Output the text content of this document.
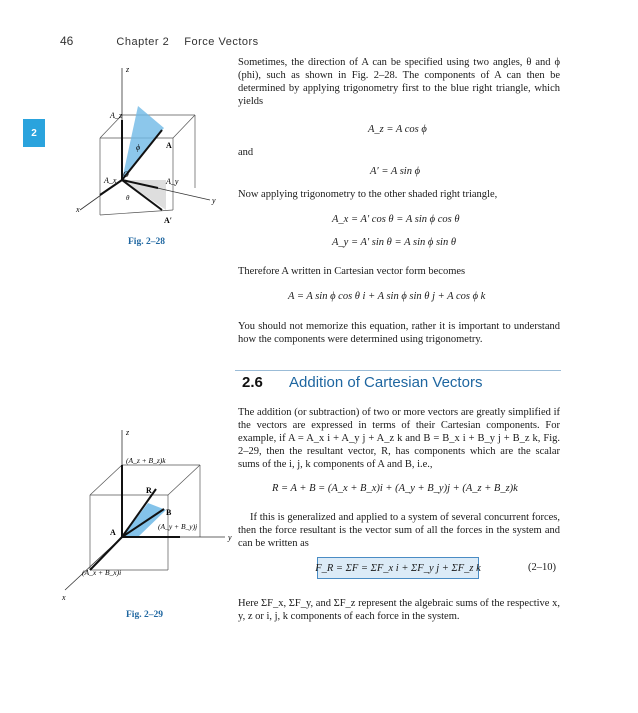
46	Chapter 2 Force Vectors
2
z
x
y
A_z
A
ϕ
O
θ
A_x	A_y
A′
Fig. 2–28
Sometimes, the direction of A can be specified using two angles, θ and ϕ (phi), such as shown in Fig. 2–28. The components of A can then be determined by applying trigonometry first to the blue right triangle, which yields
A_z = A cos ϕ
and
A′ = A sin ϕ
Now applying trigonometry to the other shaded right triangle,
A_x = A′ cos θ = A sin ϕ cos θ
A_y = A′ sin θ = A sin ϕ sin θ
Therefore A written in Cartesian vector form becomes
A = A sin ϕ cos θ i + A sin ϕ sin θ j + A cos ϕ k
You should not memorize this equation, rather it is important to understand how the components were determined using trigonometry.
2.6 Addition of Cartesian Vectors
The addition (or subtraction) of two or more vectors are greatly simplified if the vectors are expressed in terms of their Cartesian components. For example, if A = A_x i + A_y j + A_z k and B = B_x i + B_y j + B_z k, Fig. 2–29, then the resultant vector, R, has components which are the scalar sums of the i, j, k components of A and B, i.e.,
R = A + B = (A_x + B_x)i + (A_y + B_y)j + (A_z + B_z)k
If this is generalized and applied to a system of several concurrent forces, then the force resultant is the vector sum of all the forces in the system and can be written as
F_R = ΣF = ΣF_x i + ΣF_y j + ΣF_z k	(2–10)
Here ΣF_x, ΣF_y, and ΣF_z represent the algebraic sums of the respective x, y, z or i, j, k components of each force in the system.
z
x
y
R
B
A
(A_z + B_z)k
(A_y + B_y)j
(A_x + B_x)i
Fig. 2–29
